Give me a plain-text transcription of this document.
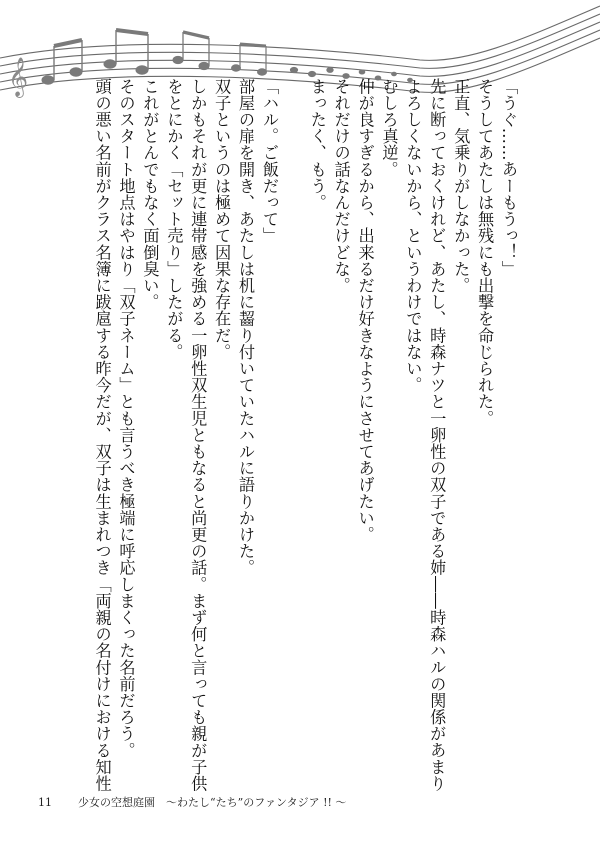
𝄞
「うぐ……あーもうっ！」
そうしてあたしは無残にも出撃を命じられた。
正直、気乗りがしなかった。
先に断っておくけれど、あたし、時森ナツと一卵性の双子である姉――時森ハルの関係があまり
よろしくないから、というわけではない。
むしろ真逆。
仲が良すぎるから、出来るだけ好きなようにさせてあげたい。
それだけの話なんだけどな。
まったく、もう。
「ハル。ご飯だって」
部屋の扉を開き、あたしは机に齧り付いていたハルに語りかけた。
双子というのは極めて因果な存在だ。
しかもそれが更に連帯感を強める一卵性双生児ともなると尚更の話。まず何と言っても親が子供
をとにかく「セット売り」したがる。
これがとんでもなく面倒臭い。
そのスタート地点はやはり「双子ネーム」とも言うべき極端に呼応しまくった名前だろう。
頭の悪い名前がクラス名簿に跋扈する昨今だが、双子は生まれつき「両親の名付けにおける知性
11 少女の空想庭園　～わたし“たち”のファンタジア !! ～
